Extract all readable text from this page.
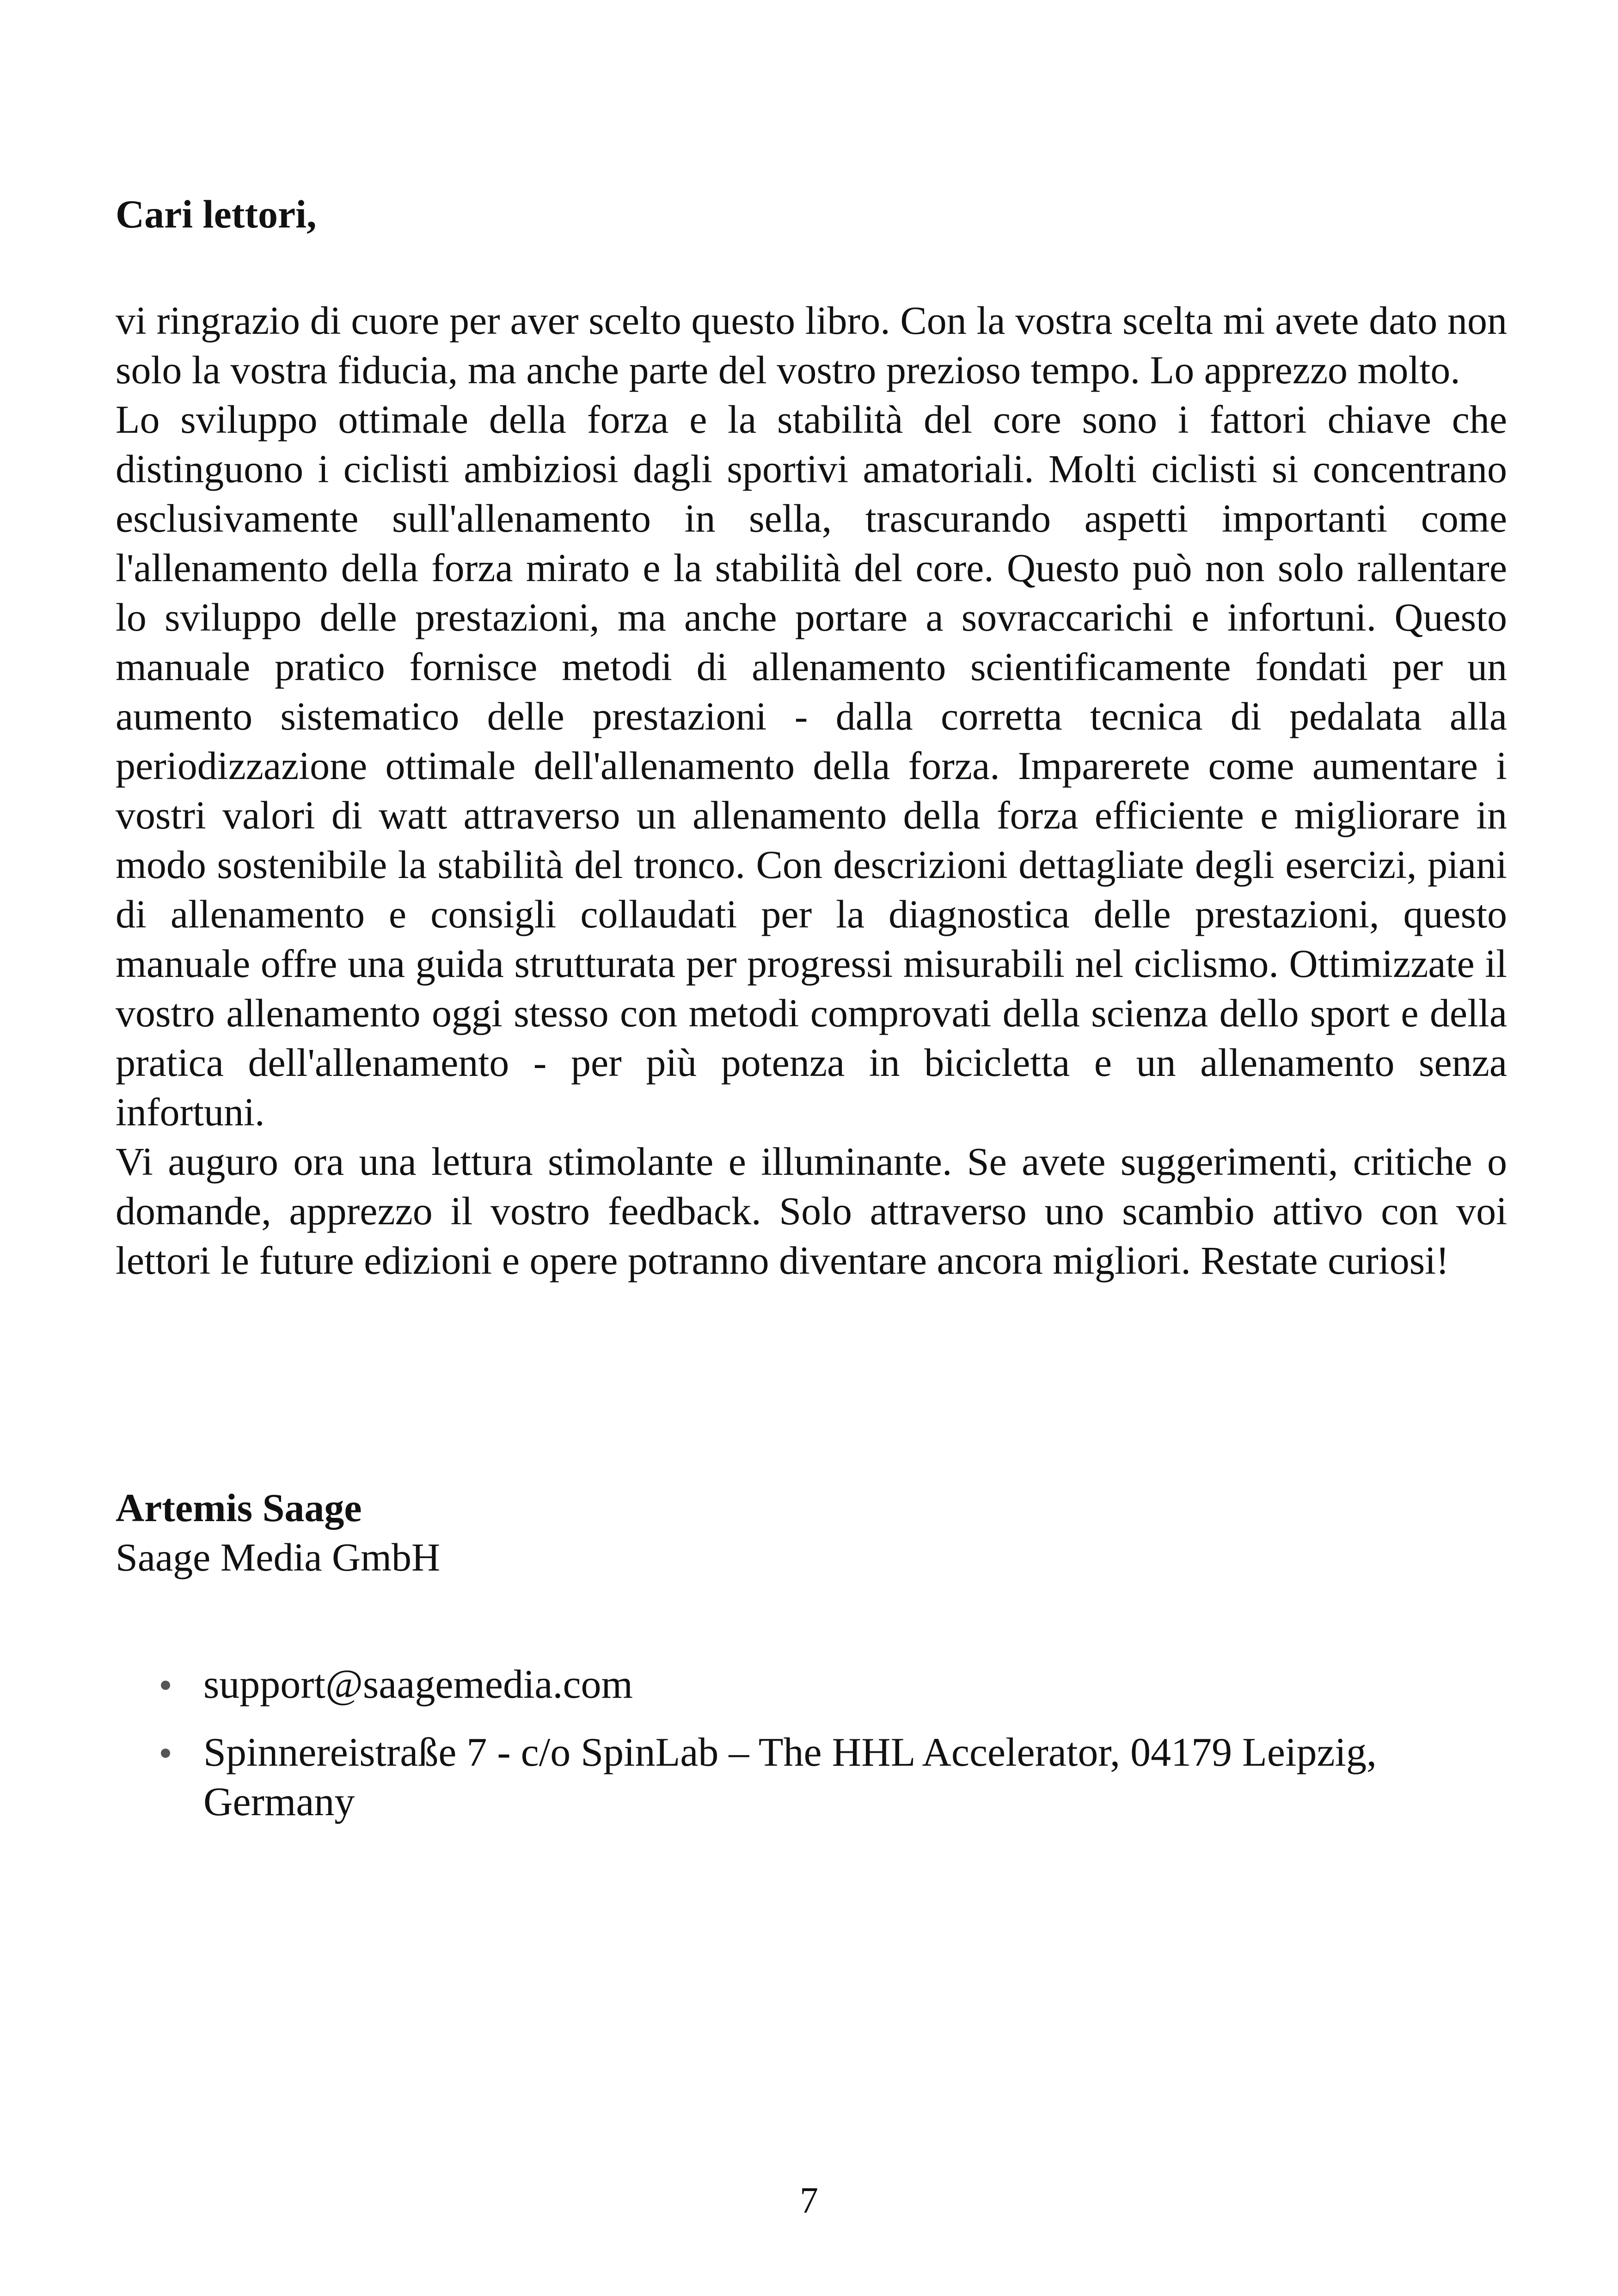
Cari lettori,

vi ringrazio di cuore per aver scelto questo libro. Con la vostra scelta mi avete dato non solo la vostra fiducia, ma anche parte del vostro prezioso tempo. Lo apprezzo molto.

Lo sviluppo ottimale della forza e la stabilità del core sono i fattori chiave che distinguono i ciclisti ambiziosi dagli sportivi amatoriali. Molti ciclisti si concentrano esclusivamente sull'allenamento in sella, trascurando aspetti importanti come l'allenamento della forza mirato e la stabilità del core. Questo può non solo rallentare lo sviluppo delle prestazioni, ma anche portare a sovraccarichi e infortuni. Questo manuale pratico fornisce metodi di allenamento scientificamente fondati per un aumento sistematico delle prestazioni - dalla corretta tecnica di pedalata alla periodizzazione ottimale dell'allenamento della forza. Imparerete come aumentare i vostri valori di watt attraverso un allenamento della forza efficiente e migliorare in modo sostenibile la stabilità del tronco. Con descrizioni dettagliate degli esercizi, piani di allenamento e consigli collaudati per la diagnostica delle prestazioni, questo manuale offre una guida strutturata per progressi misurabili nel ciclismo. Ottimizzate il vostro allenamento oggi stesso con metodi comprovati della scienza dello sport e della pratica dell'allenamento - per più potenza in bicicletta e un allenamento senza infortuni.

Vi auguro ora una lettura stimolante e illuminante. Se avete suggerimenti, critiche o domande, apprezzo il vostro feedback. Solo attraverso uno scambio attivo con voi lettori le future edizioni e opere potranno diventare ancora migliori. Restate curiosi!

Artemis Saage

Saage Media GmbH

support@saagemedia.com
Spinnereistraße 7 - c/o SpinLab – The HHL Accelerator, 04179 Leipzig, Germany
7
